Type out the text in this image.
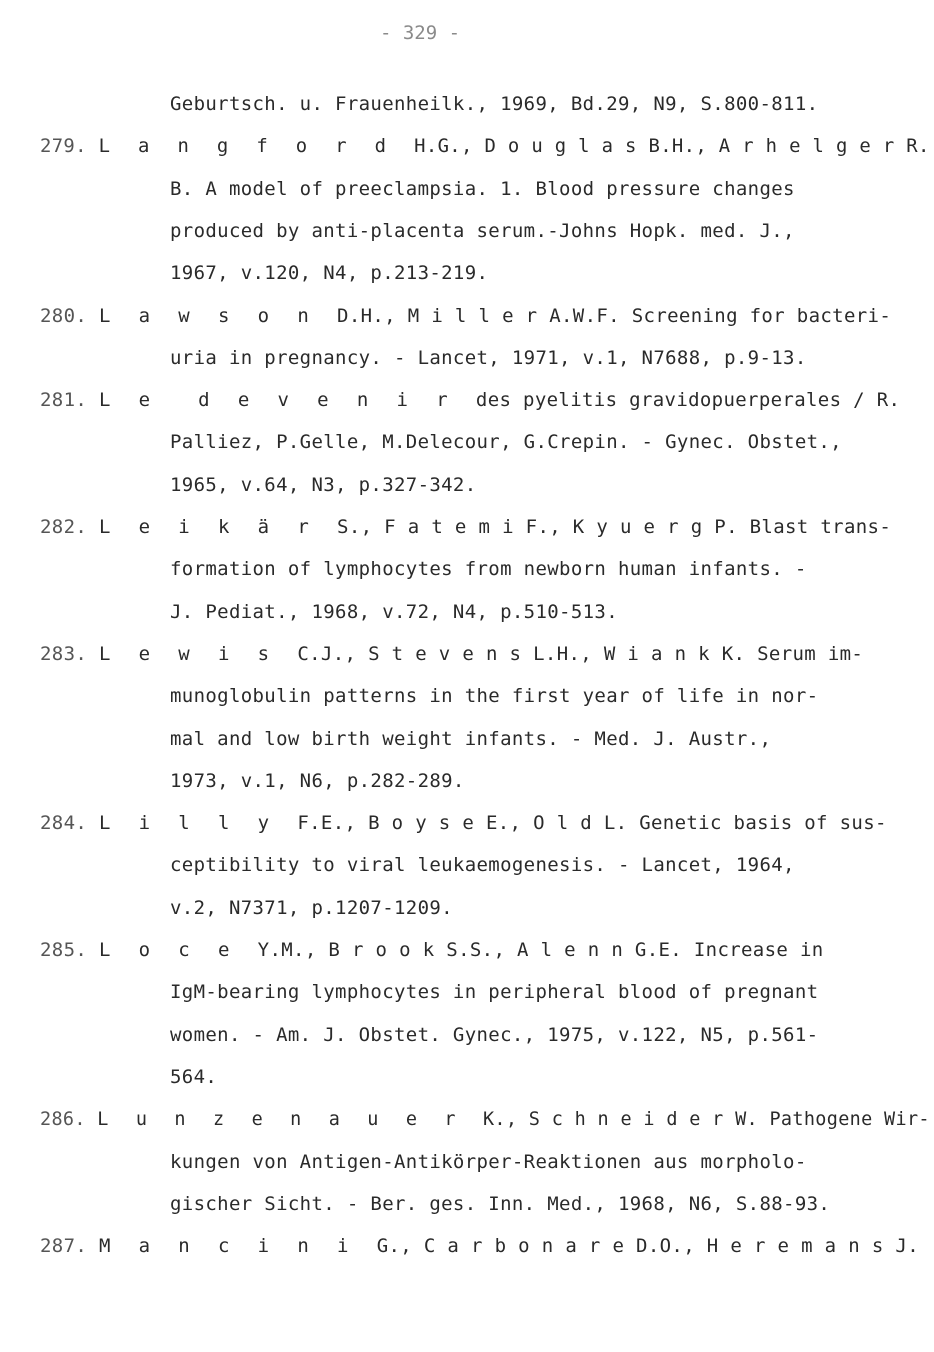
- 329 -
Geburtsch. u. Frauenheilk., 1969, Bd.29, N9, S.800-811.
279. L a n g f o r d H.G., D o u g l a s B.H., A r h e l g e r R.
B. A model of preeclampsia. 1. Blood pressure changes
produced by anti-placenta serum.-Johns Hopk. med. J.,
1967, v.120, N4, p.213-219.
280. L a w s o n D.H., M i l l e r A.W.F. Screening for bacteri-
uria in pregnancy. - Lancet, 1971, v.1, N7688, p.9-13.
281. L e  d e v e n i r des pyelitis gravidopuerperales / R.
Palliez, P.Gelle, M.Delecour, G.Crepin. - Gynec. Obstet.,
1965, v.64, N3, p.327-342.
282. L e i k ä r S., F a t e m i F., K y u e r g P. Blast trans-
formation of lymphocytes from newborn human infants. -
J. Pediat., 1968, v.72, N4, p.510-513.
283. L e w i s C.J., S t e v e n s L.H., W i a n k K. Serum im-
munoglobulin patterns in the first year of life in nor-
mal and low birth weight infants. - Med. J. Austr.,
1973, v.1, N6, p.282-289.
284. L i l l y F.E., B o y s e E., O l d L. Genetic basis of sus-
ceptibility to viral leukaemogenesis. - Lancet, 1964,
v.2, N7371, p.1207-1209.
285. L o c e Y.M., B r o o k S.S., A l e n n G.E. Increase in
IgM-bearing lymphocytes in peripheral blood of pregnant
women. - Am. J. Obstet. Gynec., 1975, v.122, N5, p.561-
564.
286. L u n z e n a u e r K., S c h n e i d e r W. Pathogene Wir-
kungen von Antigen-Antikörper-Reaktionen aus morpholo-
gischer Sicht. - Ber. ges. Inn. Med., 1968, N6, S.88-93.
287. M a n c i n i G., C a r b o n a r e D.O., H e r e m a n s J.
